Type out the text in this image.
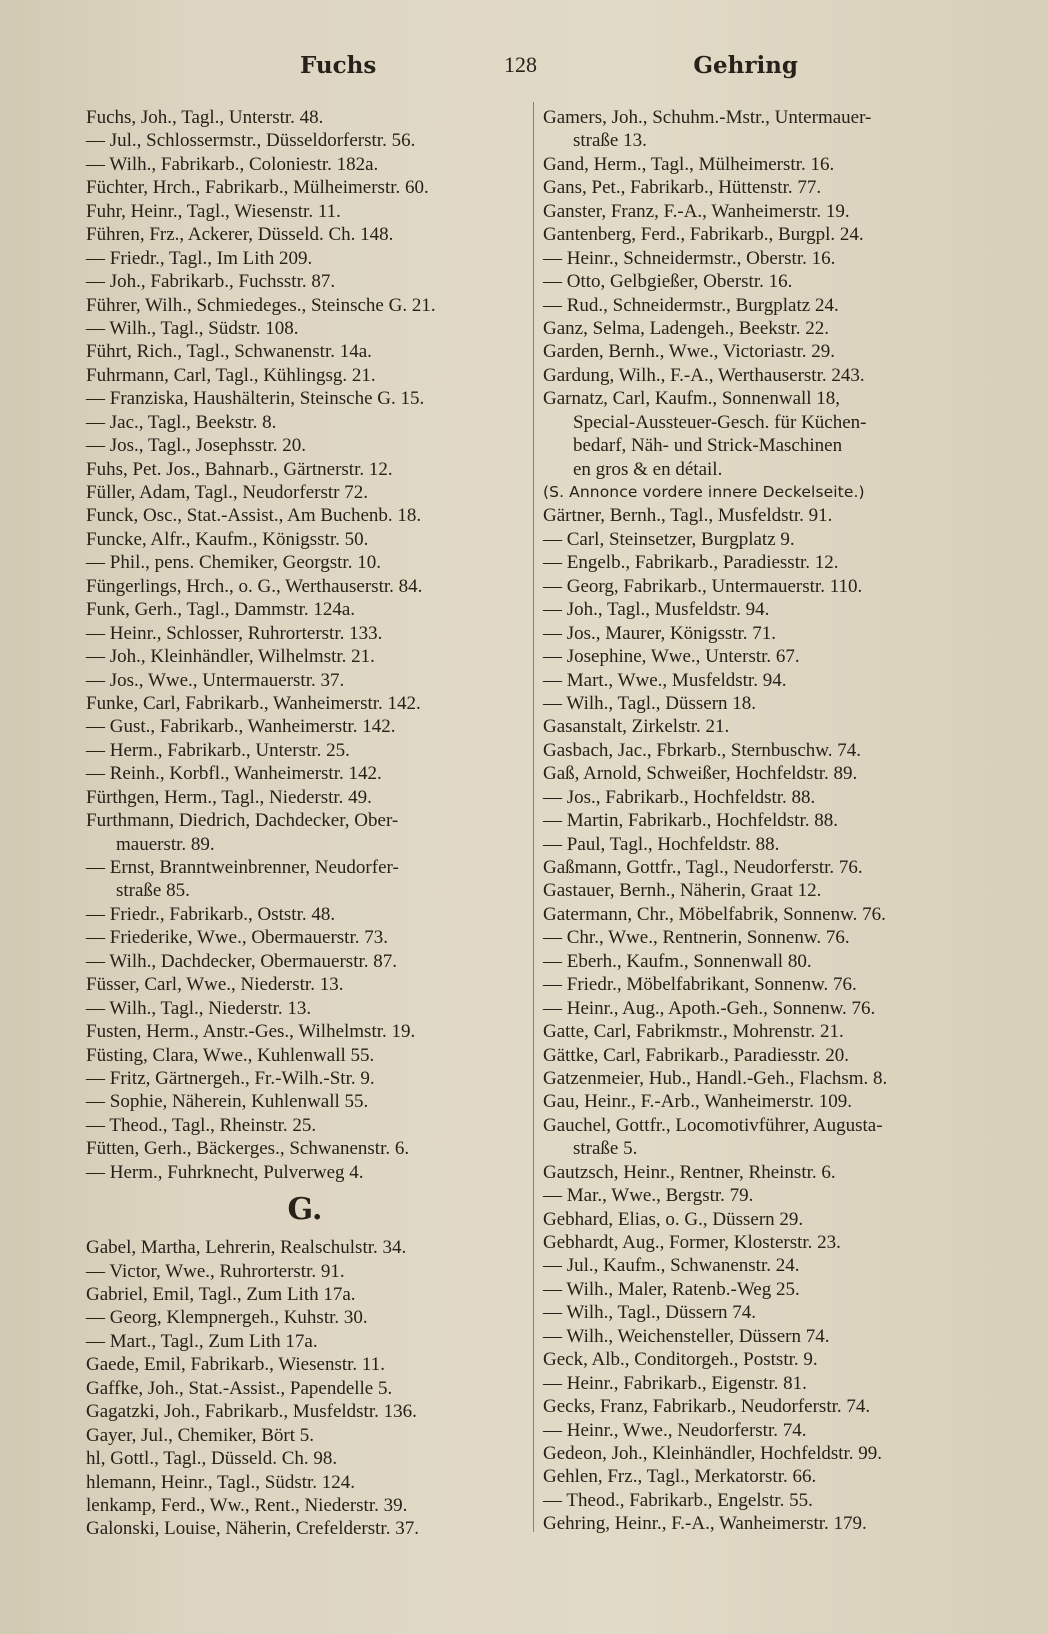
Fuchs	128	Gehring
Fuchs, Joh., Tagl., Unterstr. 48.
— Jul., Schlossermstr., Düsseldorferstr. 56.
— Wilh., Fabrikarb., Coloniestr. 182a.
Füchter, Hrch., Fabrikarb., Mülheimerstr. 60.
Fuhr, Heinr., Tagl., Wiesenstr. 11.
Führen, Frz., Ackerer, Düsseld. Ch. 148.
— Friedr., Tagl., Im Lith 209.
— Joh., Fabrikarb., Fuchsstr. 87.
Führer, Wilh., Schmiedeges., Steinsche G. 21.
— Wilh., Tagl., Südstr. 108.
Führt, Rich., Tagl., Schwanenstr. 14a.
Fuhrmann, Carl, Tagl., Kühlingsg. 21.
— Franziska, Haushälterin, Steinsche G. 15.
— Jac., Tagl., Beekstr. 8.
— Jos., Tagl., Josephsstr. 20.
Fuhs, Pet. Jos., Bahnarb., Gärtnerstr. 12.
Füller, Adam, Tagl., Neudorferstr 72.
Funck, Osc., Stat.-Assist., Am Buchenb. 18.
Funcke, Alfr., Kaufm., Königsstr. 50.
— Phil., pens. Chemiker, Georgstr. 10.
Füngerlings, Hrch., o. G., Werthauserstr. 84.
Funk, Gerh., Tagl., Dammstr. 124a.
— Heinr., Schlosser, Ruhrorterstr. 133.
— Joh., Kleinhändler, Wilhelmstr. 21.
— Jos., Wwe., Untermauerstr. 37.
Funke, Carl, Fabrikarb., Wanheimerstr. 142.
— Gust., Fabrikarb., Wanheimerstr. 142.
— Herm., Fabrikarb., Unterstr. 25.
— Reinh., Korbfl., Wanheimerstr. 142.
Fürthgen, Herm., Tagl., Niederstr. 49.
Furthmann, Diedrich, Dachdecker, Ober-
mauerstr. 89.
— Ernst, Branntweinbrenner, Neudorfer-
straße 85.
— Friedr., Fabrikarb., Oststr. 48.
— Friederike, Wwe., Obermauerstr. 73.
— Wilh., Dachdecker, Obermauerstr. 87.
Füsser, Carl, Wwe., Niederstr. 13.
— Wilh., Tagl., Niederstr. 13.
Fusten, Herm., Anstr.-Ges., Wilhelmstr. 19.
Füsting, Clara, Wwe., Kuhlenwall 55.
— Fritz, Gärtnergeh., Fr.-Wilh.-Str. 9.
— Sophie, Näherein, Kuhlenwall 55.
— Theod., Tagl., Rheinstr. 25.
Fütten, Gerh., Bäckerges., Schwanenstr. 6.
— Herm., Fuhrknecht, Pulverweg 4.
G.
Gabel, Martha, Lehrerin, Realschulstr. 34.
— Victor, Wwe., Ruhrorterstr. 91.
Gabriel, Emil, Tagl., Zum Lith 17a.
— Georg, Klempnergeh., Kuhstr. 30.
— Mart., Tagl., Zum Lith 17a.
Gaede, Emil, Fabrikarb., Wiesenstr. 11.
Gaffke, Joh., Stat.-Assist., Papendelle 5.
Gagatzki, Joh., Fabrikarb., Musfeldstr. 136.
Gayer, Jul., Chemiker, Bört 5.
hl, Gottl., Tagl., Düsseld. Ch. 98.
hlemann, Heinr., Tagl., Südstr. 124.
lenkamp, Ferd., Ww., Rent., Niederstr. 39.
Galonski, Louise, Näherin, Crefelderstr. 37.
Gamers, Joh., Schuhm.-Mstr., Untermauer-
straße 13.
Gand, Herm., Tagl., Mülheimerstr. 16.
Gans, Pet., Fabrikarb., Hüttenstr. 77.
Ganster, Franz, F.-A., Wanheimerstr. 19.
Gantenberg, Ferd., Fabrikarb., Burgpl. 24.
— Heinr., Schneidermstr., Oberstr. 16.
— Otto, Gelbgießer, Oberstr. 16.
— Rud., Schneidermstr., Burgplatz 24.
Ganz, Selma, Ladengeh., Beekstr. 22.
Garden, Bernh., Wwe., Victoriastr. 29.
Gardung, Wilh., F.-A., Werthauserstr. 243.
Garnatz, Carl, Kaufm., Sonnenwall 18,
Special-Aussteuer-Gesch. für Küchen-
bedarf, Näh- und Strick-Maschinen
en gros & en détail.
(S. Annonce vordere innere Deckelseite.)
Gärtner, Bernh., Tagl., Musfeldstr. 91.
— Carl, Steinsetzer, Burgplatz 9.
— Engelb., Fabrikarb., Paradiesstr. 12.
— Georg, Fabrikarb., Untermauerstr. 110.
— Joh., Tagl., Musfeldstr. 94.
— Jos., Maurer, Königsstr. 71.
— Josephine, Wwe., Unterstr. 67.
— Mart., Wwe., Musfeldstr. 94.
— Wilh., Tagl., Düssern 18.
Gasanstalt, Zirkelstr. 21.
Gasbach, Jac., Fbrkarb., Sternbuschw. 74.
Gaß, Arnold, Schweißer, Hochfeldstr. 89.
— Jos., Fabrikarb., Hochfeldstr. 88.
— Martin, Fabrikarb., Hochfeldstr. 88.
— Paul, Tagl., Hochfeldstr. 88.
Gaßmann, Gottfr., Tagl., Neudorferstr. 76.
Gastauer, Bernh., Näherin, Graat 12.
Gatermann, Chr., Möbelfabrik, Sonnenw. 76.
— Chr., Wwe., Rentnerin, Sonnenw. 76.
— Eberh., Kaufm., Sonnenwall 80.
— Friedr., Möbelfabrikant, Sonnenw. 76.
— Heinr., Aug., Apoth.-Geh., Sonnenw. 76.
Gatte, Carl, Fabrikmstr., Mohrenstr. 21.
Gättke, Carl, Fabrikarb., Paradiesstr. 20.
Gatzenmeier, Hub., Handl.-Geh., Flachsm. 8.
Gau, Heinr., F.-Arb., Wanheimerstr. 109.
Gauchel, Gottfr., Locomotivführer, Augusta-
straße 5.
Gautzsch, Heinr., Rentner, Rheinstr. 6.
— Mar., Wwe., Bergstr. 79.
Gebhard, Elias, o. G., Düssern 29.
Gebhardt, Aug., Former, Klosterstr. 23.
— Jul., Kaufm., Schwanenstr. 24.
— Wilh., Maler, Ratenb.-Weg 25.
— Wilh., Tagl., Düssern 74.
— Wilh., Weichensteller, Düssern 74.
Geck, Alb., Conditorgeh., Poststr. 9.
— Heinr., Fabrikarb., Eigenstr. 81.
Gecks, Franz, Fabrikarb., Neudorferstr. 74.
— Heinr., Wwe., Neudorferstr. 74.
Gedeon, Joh., Kleinhändler, Hochfeldstr. 99.
Gehlen, Frz., Tagl., Merkatorstr. 66.
— Theod., Fabrikarb., Engelstr. 55.
Gehring, Heinr., F.-A., Wanheimerstr. 179.
